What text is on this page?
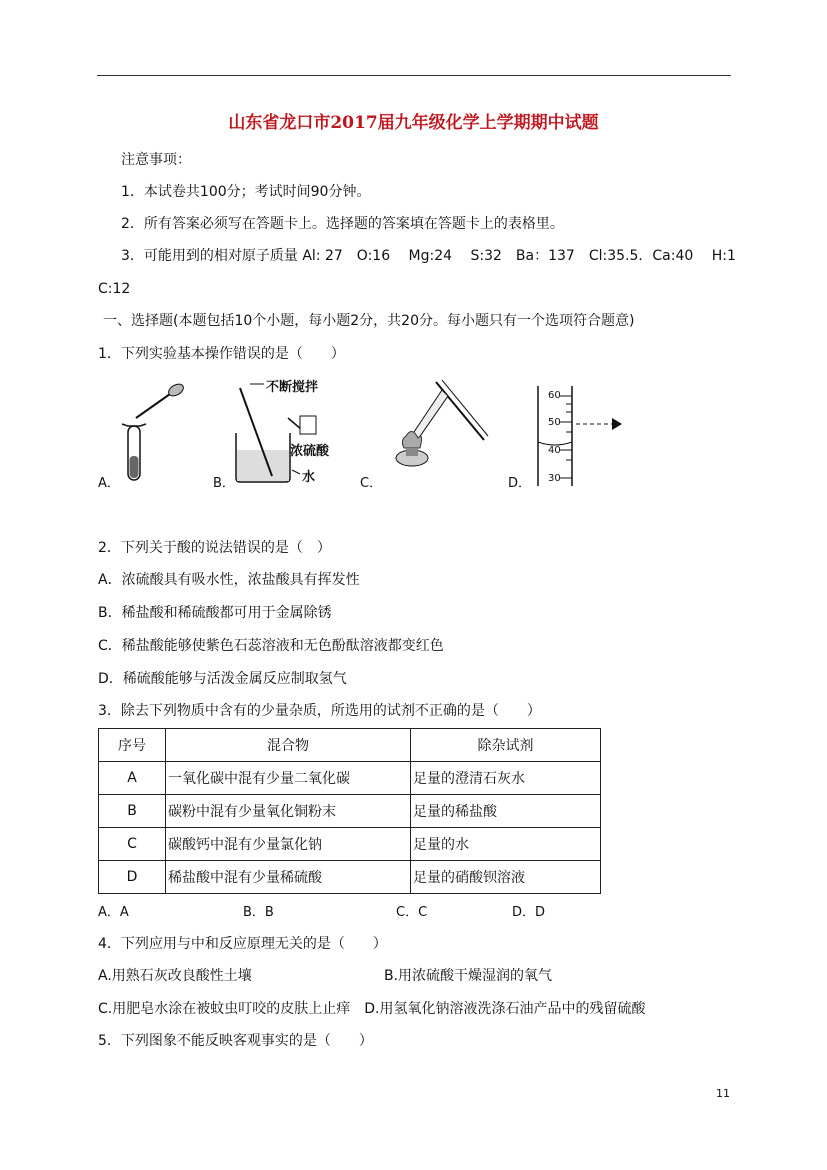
山东省龙口市2017届九年级化学上学期期中试题
注意事项：
1．本试卷共100分；考试时间90分钟。
2．所有答案必须写在答题卡上。选择题的答案填在答题卡上的表格里。
3．可能用到的相对原子质量 Al: 27　O:16　 Mg:24　 S:32　Ba：137　Cl:35.5．Ca:40　 H:1
C:12
一、选择题(本题包括10个小题，每小题2分，共20分。每小题只有一个选项符合题意)
1．下列实验基本操作错误的是（　　）
A．	B．
不断搅拌
浓硫酸
水	C．	D．
60
50
40
30
2．下列关于酸的说法错误的是（　）
A．浓硫酸具有吸水性，浓盐酸具有挥发性
B．稀盐酸和稀硫酸都可用于金属除锈
C．稀盐酸能够使紫色石蕊溶液和无色酚酞溶液都变红色
D．稀硫酸能够与活泼金属反应制取氢气
3．除去下列物质中含有的少量杂质，所选用的试剂不正确的是（　　）
序号	混合物	除杂试剂
A	一氧化碳中混有少量二氧化碳	足量的澄清石灰水
B	碳粉中混有少量氧化铜粉末	足量的稀盐酸
C	碳酸钙中混有少量氯化钠	足量的水
D	稀盐酸中混有少量稀硫酸	足量的硝酸钡溶液
A．A	B．B	C．C	D．D
4．下列应用与中和反应原理无关的是（　　）
A.用熟石灰改良酸性土壤	B.用浓硫酸干燥湿润的氧气
C.用肥皂水涂在被蚊虫叮咬的皮肤上止痒　D.用氢氧化钠溶液洗涤石油产品中的残留硫酸
5．下列图象不能反映客观事实的是（　　）
11
